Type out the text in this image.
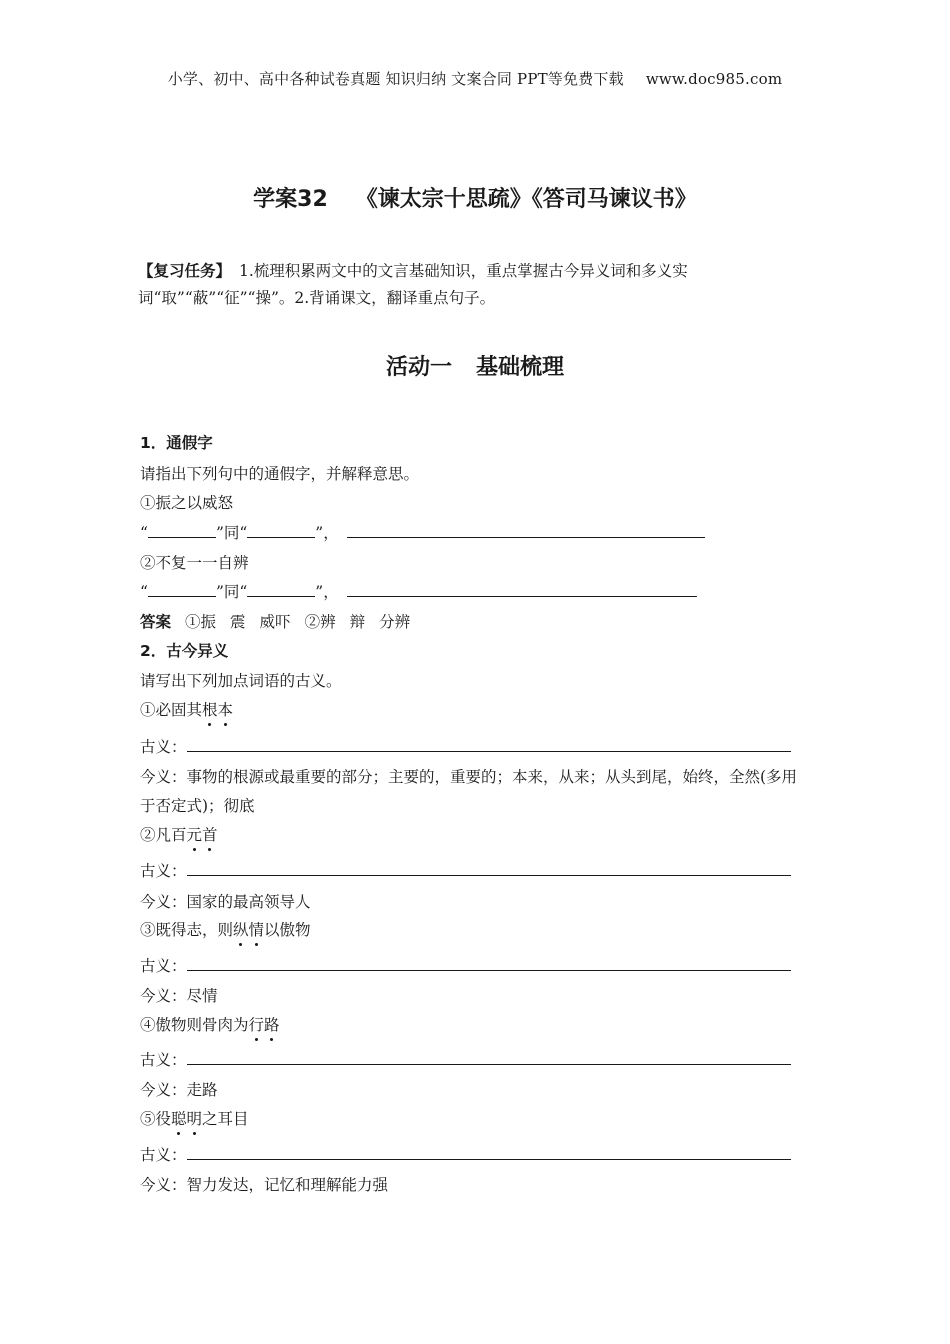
小学、初中、高中各种试卷真题 知识归纳 文案合同 PPT等免费下载 www.doc985.com
学案32 《谏太宗十思疏》《答司马谏议书》
【复习任务】 1.梳理积累两文中的文言基础知识，重点掌握古今异义词和多义实词“取”“蔽”“征”“操”。2.背诵课文，翻译重点句子。
活动一 基础梳理
1．通假字
请指出下列句中的通假字，并解释意思。
①振之以威怒
“	”同“	”，
②不复一一自辨
“	”同“	”，
答案 ①振 震 威吓 ②辨 辩 分辨
2．古今异义
请写出下列加点词语的古义。
①必固其根本
古义：
今义：事物的根源或最重要的部分；主要的，重要的；本来，从来；从头到尾，始终，全然(多用于否定式)；彻底
②凡百元首
古义：
今义：国家的最高领导人
③既得志，则纵情以傲物
古义：
今义：尽情
④傲物则骨肉为行路
古义：
今义：走路
⑤役聪明之耳目
古义：
今义：智力发达，记忆和理解能力强
